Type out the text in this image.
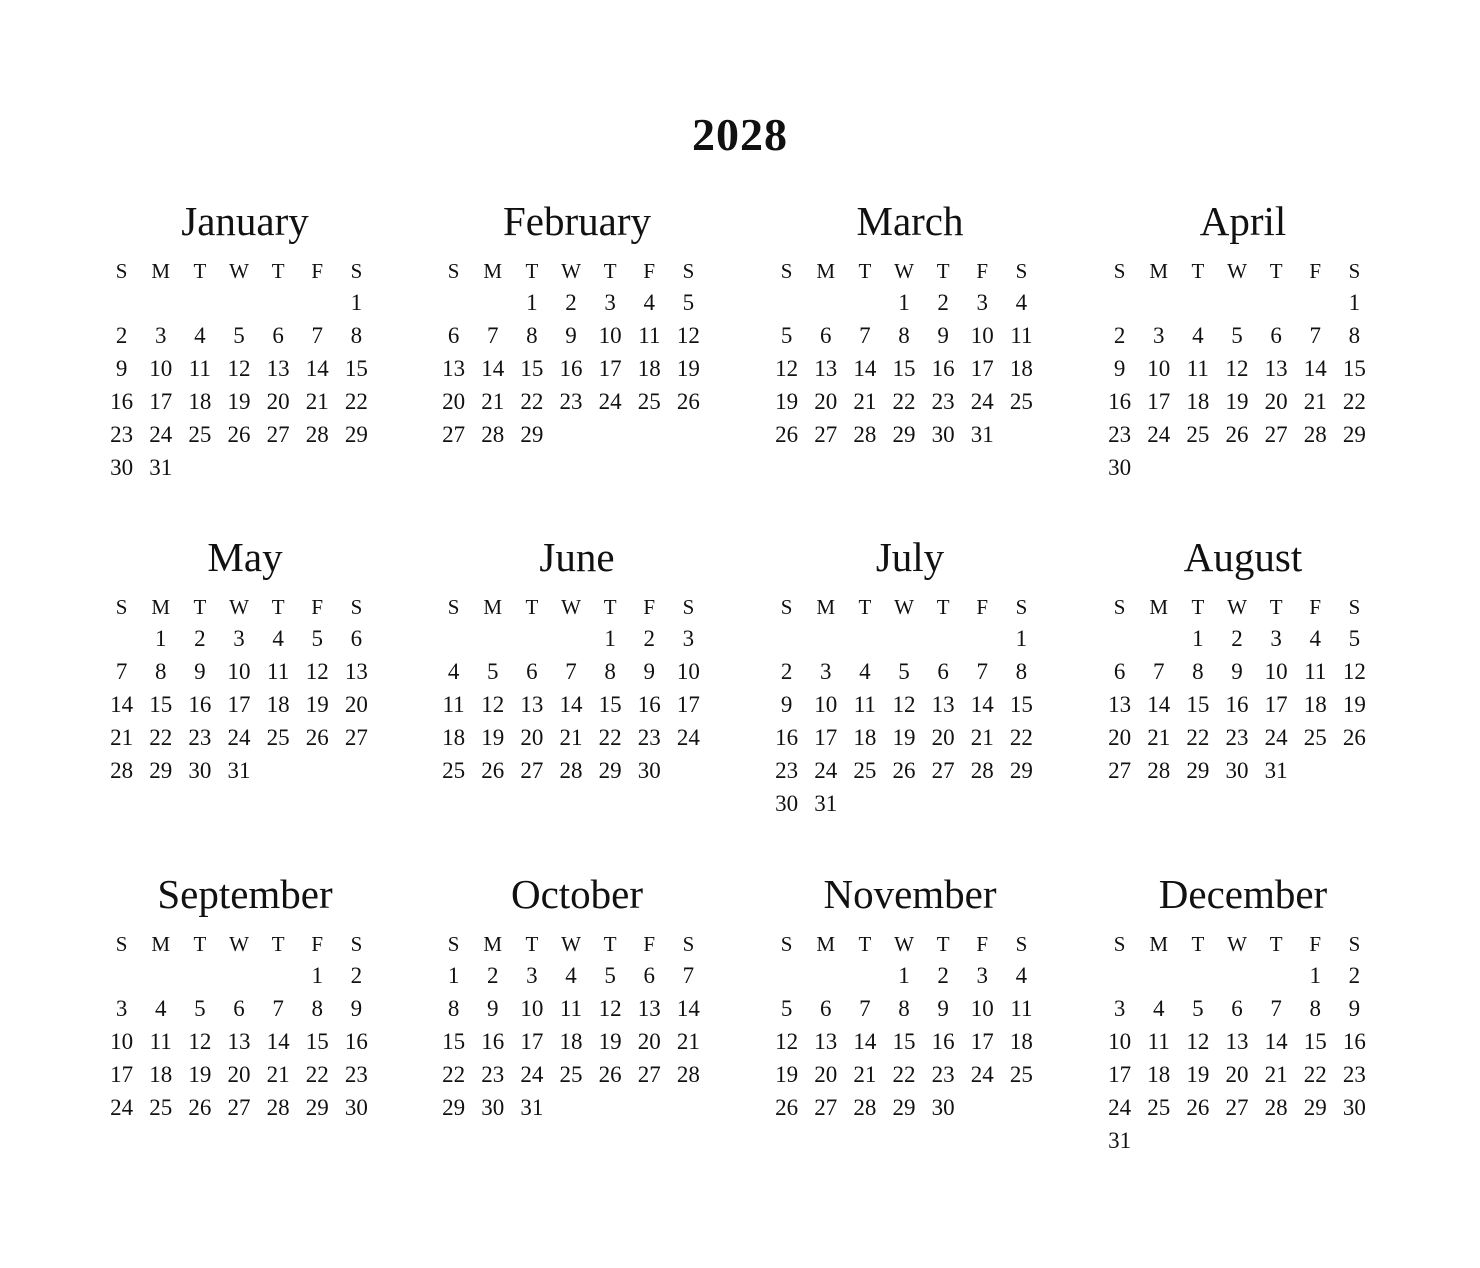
2028
January
S	M	T	W	T	F	S
						1
2	3	4	5	6	7	8
9	10	11	12	13	14	15
16	17	18	19	20	21	22
23	24	25	26	27	28	29
30	31					
February
S	M	T	W	T	F	S
		1	2	3	4	5
6	7	8	9	10	11	12
13	14	15	16	17	18	19
20	21	22	23	24	25	26
27	28	29				
March
S	M	T	W	T	F	S
			1	2	3	4
5	6	7	8	9	10	11
12	13	14	15	16	17	18
19	20	21	22	23	24	25
26	27	28	29	30	31	
April
S	M	T	W	T	F	S
						1
2	3	4	5	6	7	8
9	10	11	12	13	14	15
16	17	18	19	20	21	22
23	24	25	26	27	28	29
30						
May
S	M	T	W	T	F	S
	1	2	3	4	5	6
7	8	9	10	11	12	13
14	15	16	17	18	19	20
21	22	23	24	25	26	27
28	29	30	31			
June
S	M	T	W	T	F	S
				1	2	3
4	5	6	7	8	9	10
11	12	13	14	15	16	17
18	19	20	21	22	23	24
25	26	27	28	29	30	
July
S	M	T	W	T	F	S
						1
2	3	4	5	6	7	8
9	10	11	12	13	14	15
16	17	18	19	20	21	22
23	24	25	26	27	28	29
30	31					
August
S	M	T	W	T	F	S
		1	2	3	4	5
6	7	8	9	10	11	12
13	14	15	16	17	18	19
20	21	22	23	24	25	26
27	28	29	30	31		
September
S	M	T	W	T	F	S
					1	2
3	4	5	6	7	8	9
10	11	12	13	14	15	16
17	18	19	20	21	22	23
24	25	26	27	28	29	30
October
S	M	T	W	T	F	S
1	2	3	4	5	6	7
8	9	10	11	12	13	14
15	16	17	18	19	20	21
22	23	24	25	26	27	28
29	30	31				
November
S	M	T	W	T	F	S
			1	2	3	4
5	6	7	8	9	10	11
12	13	14	15	16	17	18
19	20	21	22	23	24	25
26	27	28	29	30		
December
S	M	T	W	T	F	S
					1	2
3	4	5	6	7	8	9
10	11	12	13	14	15	16
17	18	19	20	21	22	23
24	25	26	27	28	29	30
31						
